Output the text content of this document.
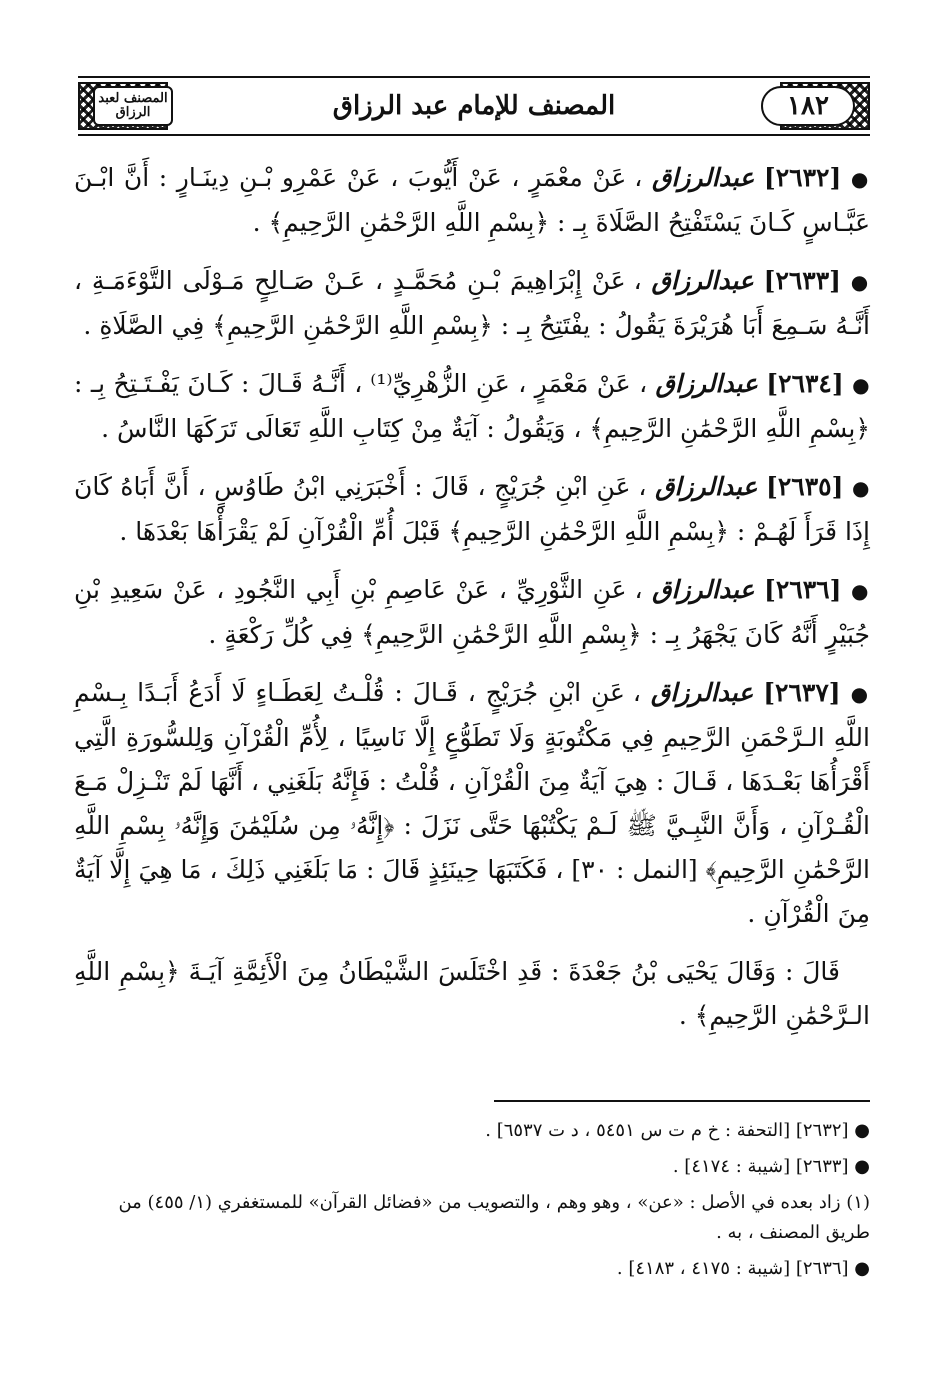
المصنف لعبد الرزاق	المصنف للإمام عبد الرزاق	١٨٢

● [٢٦٣٢] عبدالرزاق ، عَنْ معْمَرٍ ، عَنْ أَيُّوبَ ، عَنْ عَمْرِو بْـنِ دِينَـارٍ : أَنَّ ابْـنَ عَبَّـاسٍ كَـانَ يَسْتَفْتِحُ الصَّلَاةَ بِـ : ﴿بِسْمِ اللَّهِ الرَّحْمَٰنِ الرَّحِيمِ﴾ .

● [٢٦٣٣] عبدالرزاق ، عَنْ إِبْرَاهِيمَ بْـنِ مُحَمَّـدٍ ، عَـنْ صَـالِحٍ مَـوْلَى التَّوْءَمَـةِ ، أَنَّـهُ سَـمِعَ أَبَا هُرَيْرَةَ يَقُولُ : يفْتَتِحُ بِـ : ﴿بِسْمِ اللَّهِ الرَّحْمَٰنِ الرَّحِيمِ﴾ فِي الصَّلَاةِ .

● [٢٦٣٤] عبدالرزاق ، عَنْ مَعْمَرٍ ، عَنِ الزُّهْرِيِّ⁽¹⁾ ، أَنَّـهُ قَـالَ : كَـانَ يَفْـتَـتِحُ بِـ : ﴿بِسْمِ اللَّهِ الرَّحْمَٰنِ الرَّحِيمِ﴾ ، وَيَقُولُ : آيَةٌ مِنْ كِتَابِ اللَّهِ تَعَالَى تَرَكَهَا النَّاسُ .

● [٢٦٣٥] عبدالرزاق ، عَنِ ابْنِ جُرَيْجٍ ، قَالَ : أَخْبَرَنِي ابْنُ طَاوُسٍ ، أَنَّ أَبَاهُ كَانَ إِذَا قَرَأَ لَهُـمْ : ﴿بِسْمِ اللَّهِ الرَّحْمَٰنِ الرَّحِيمِ﴾ قَبْلَ أُمِّ الْقُرْآنِ لَمْ يَقْرَأْهَا بَعْدَهَا .

● [٢٦٣٦] عبدالرزاق ، عَنِ الثَّوْرِيِّ ، عَنْ عَاصِمِ بْنِ أَبِي النَّجُودِ ، عَنْ سَعِيدِ بْنِ جُبَيْرٍ أَنَّهُ كَانَ يَجْهَرُ بِـ : ﴿بِسْمِ اللَّهِ الرَّحْمَٰنِ الرَّحِيمِ﴾ فِي كُلِّ رَكْعَةٍ .

● [٢٦٣٧] عبدالرزاق ، عَنِ ابْنِ جُرَيْجٍ ، قَـالَ : قُلْـتُ لِعَطَـاءٍ لَا أَدَعُ أَبَـدًا بِـسْمِ اللَّهِ الـرَّحْمَنِ الرَّحِيمِ فِي مَكْتُوبَةٍ وَلَا تَطَوُّعٍ إِلَّا نَاسِيًا ، لِأُمِّ الْقُرْآنِ وَلِلسُّورَةِ الَّتِي أَقْرَأُهَا بَعْـدَهَا ، قَـالَ : هِيَ آيَةٌ مِنَ الْقُرْآنِ ، قُلْتُ : فَإِنَّهُ بَلَغَنِي ، أَنَّهَا لَمْ تَنْـزِلْ مَـعَ الْقُـرْآنِ ، وَأَنَّ النَّبِـيَّ ﷺ لَـمْ يَكْتُبْهَا حَتَّى نَزَلَ : ﴿إِنَّهُۥ مِن سُلَيْمَٰنَ وَإِنَّهُۥ بِسْمِ اللَّهِ الرَّحْمَٰنِ الرَّحِيمِ﴾ [النمل : ٣٠] ، فَكَتَبَهَا حِينَئِذٍ قَالَ : مَا بَلَغَنِي ذَلِكَ ، مَا هِيَ إِلَّا آيَةٌ مِنَ الْقُرْآنِ .

قَالَ : وَقَالَ يَحْيَى بْنُ جَعْدَةَ : قَدِ اخْتَلَسَ الشَّيْطَانُ مِنَ الْأَئِمَّةِ آيَـةَ ﴿بِسْمِ اللَّهِ الـرَّحْمَٰنِ الرَّحِيمِ﴾ .

● [٢٦٣٢] [التحفة : خ م ت س ٥٤٥١ ، د ت ٦٥٣٧] .

● [٢٦٣٣] [شيبة : ٤١٧٤] .

(١) زاد بعده في الأصل : «عن» ، وهو وهم ، والتصويب من «فضائل القرآن» للمستغفري (١/ ٤٥٥) من طريق المصنف ، به .

● [٢٦٣٦] [شيبة : ٤١٧٥ ، ٤١٨٣] .
